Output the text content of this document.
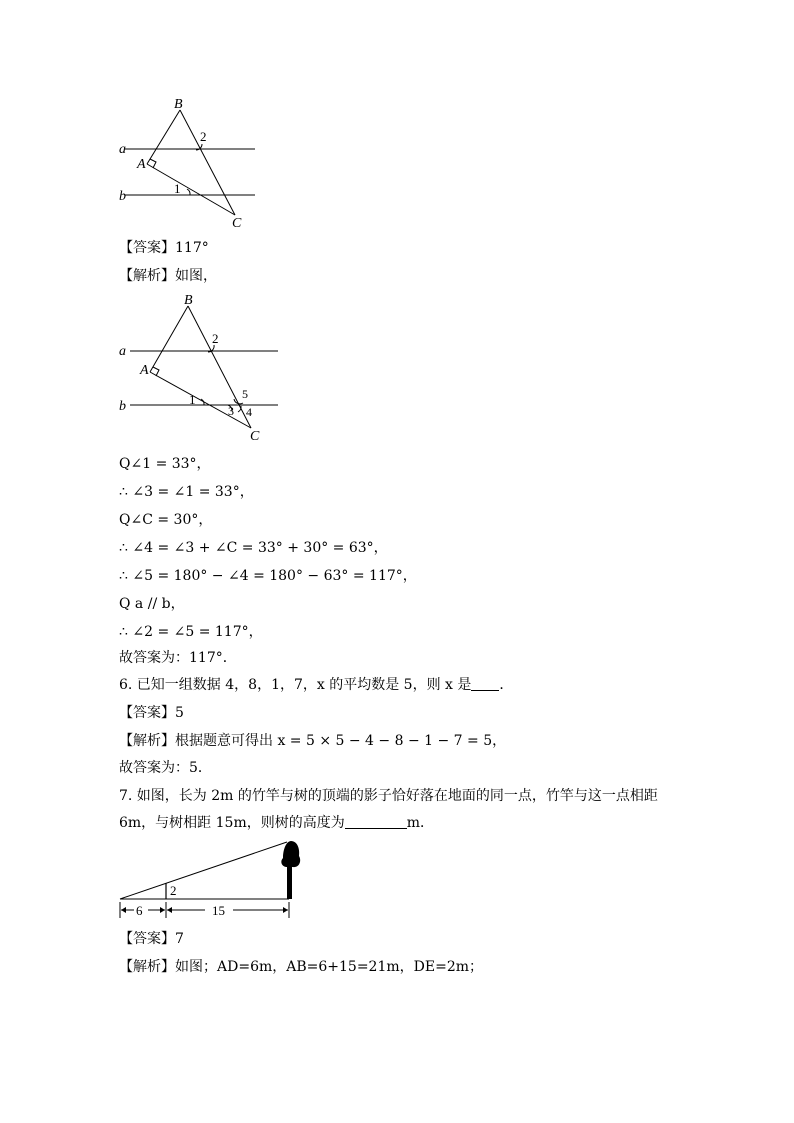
B
A
C
a
b
2
1
【答案】117°
【解析】如图，
B
A
C
a
b
2
1
3 4
5
Q∠1 = 33°，
∴ ∠3 = ∠1 = 33°，
Q∠C = 30°，
∴ ∠4 = ∠3 + ∠C = 33° + 30° = 63°，
∴ ∠5 = 180° − ∠4 = 180° − 63° = 117°，
Q a // b，
∴ ∠2 = ∠5 = 117°，
故答案为：117°．
6. 已知一组数据 4，8，1，7，x 的平均数是 5，则 x 是 ．
【答案】5
【解析】根据题意可得出 x = 5 × 5 − 4 − 8 − 1 − 7 = 5，
故答案为：5．
7. 如图，长为 2m 的竹竿与树的顶端的影子恰好落在地面的同一点，竹竿与这一点相距
6m，与树相距 15m，则树的高度为	m．
2
6	15
【答案】7
【解析】如图；AD=6m，AB=6+15=21m，DE=2m；
